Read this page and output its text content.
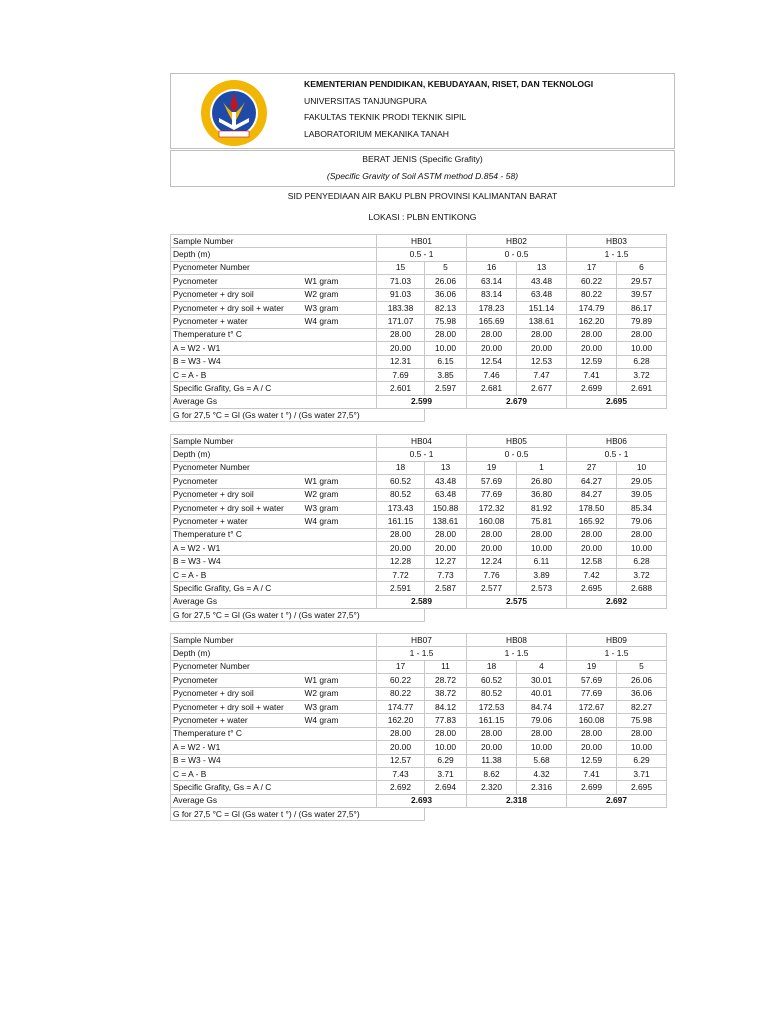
KEMENTERIAN PENDIDIKAN, KEBUDAYAAN, RISET, DAN TEKNOLOGI
UNIVERSITAS TANJUNGPURA
FAKULTAS TEKNIK PRODI TEKNIK SIPIL
LABORATORIUM MEKANIKA TANAH
BERAT JENIS (Specific Grafity)
(Specific Gravity of Soil ASTM method D.854 - 58)
SID PENYEDIAAN AIR BAKU PLBN PROVINSI KALIMANTAN BARAT
LOKASI : PLBN ENTIKONG
Sample Number		HB01		HB02		HB03			
Depth (m)		0.5 - 1		0 - 0.5		1 - 1.5			
Pycnometer Number		15	5	16	13	17	6		
Pycnometer	W1 gram	71.03	26.06	63.14	43.48	60.22	29.57		
Pycnometer + dry soil	W2 gram	91.03	36.06	83.14	63.48	80.22	39.57		
Pycnometer + dry soil + water	W3 gram	183.38	82.13	178.23	151.14	174.79	86.17		
Pycnometer + water	W4 gram	171.07	75.98	165.69	138.61	162.20	79.89		
Themperature t° C		28.00	28.00	28.00	28.00	28.00	28.00		
A = W2 - W1		20.00	10.00	20.00	20.00	20.00	10.00		
B = W3 - W4		12.31	6.15	12.54	12.53	12.59	6.28		
C = A - B		7.69	3.85	7.46	7.47	7.41	3.72		
Specific Grafity, Gs = A / C		2.601	2.597	2.681	2.677	2.699	2.691		
Average Gs		2.599		2.679		2.695			
G for 27,5 °C = Gl (Gs water t °) / (Gs water 27,5°)									
Sample Number		HB04		HB05		HB06			
Depth (m)		0.5 - 1		0 - 0.5		0.5 - 1			
Pycnometer Number		18	13	19	1	27	10		
Pycnometer	W1 gram	60.52	43.48	57.69	26.80	64.27	29.05		
Pycnometer + dry soil	W2 gram	80.52	63.48	77.69	36.80	84.27	39.05		
Pycnometer + dry soil + water	W3 gram	173.43	150.88	172.32	81.92	178.50	85.34		
Pycnometer + water	W4 gram	161.15	138.61	160.08	75.81	165.92	79.06		
Themperature t° C		28.00	28.00	28.00	28.00	28.00	28.00		
A = W2 - W1		20.00	20.00	20.00	10.00	20.00	10.00		
B = W3 - W4		12.28	12.27	12.24	6.11	12.58	6.28		
C = A - B		7.72	7.73	7.76	3.89	7.42	3.72		
Specific Grafity, Gs = A / C		2.591	2.587	2.577	2.573	2.695	2.688		
Average Gs		2.589		2.575		2.692			
G for 27,5 °C = Gl (Gs water t °) / (Gs water 27,5°)									
Sample Number		HB07		HB08		HB09			
Depth (m)		1 - 1.5		1 - 1.5		1 - 1.5			
Pycnometer Number		17	11	18	4	19	5		
Pycnometer	W1 gram	60.22	28.72	60.52	30.01	57.69	26.06		
Pycnometer + dry soil	W2 gram	80.22	38.72	80.52	40.01	77.69	36.06		
Pycnometer + dry soil + water	W3 gram	174.77	84.12	172.53	84.74	172.67	82.27		
Pycnometer + water	W4 gram	162.20	77.83	161.15	79.06	160.08	75.98		
Themperature t° C		28.00	28.00	28.00	28.00	28.00	28.00		
A = W2 - W1		20.00	10.00	20.00	10.00	20.00	10.00		
B = W3 - W4		12.57	6.29	11.38	5.68	12.59	6.29		
C = A - B		7.43	3.71	8.62	4.32	7.41	3.71		
Specific Grafity, Gs = A / C		2.692	2.694	2.320	2.316	2.699	2.695		
Average Gs		2.693		2.318		2.697			
G for 27,5 °C = Gl (Gs water t °) / (Gs water 27,5°)									
